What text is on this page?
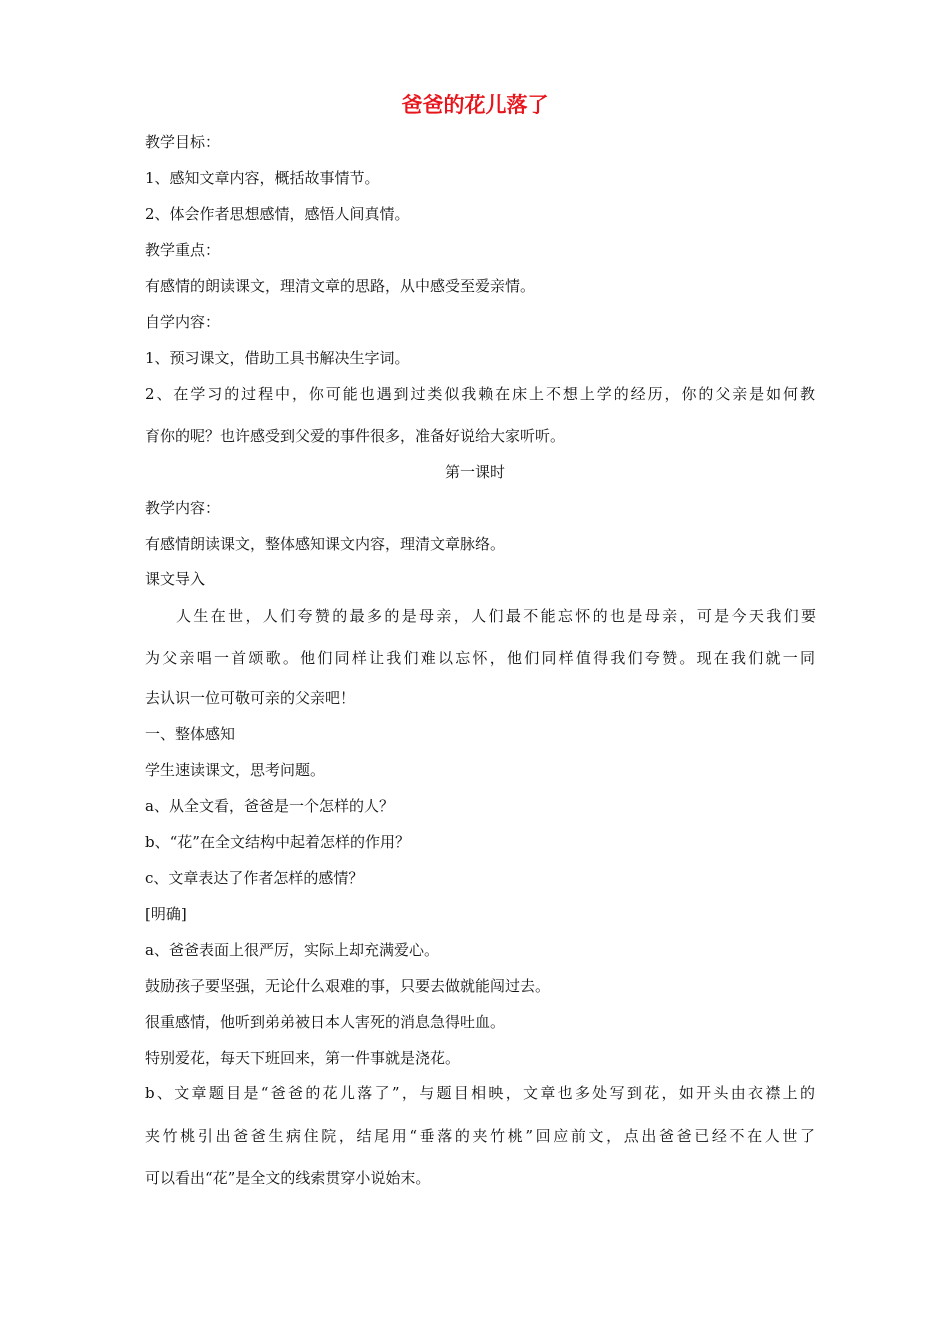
爸爸的花儿落了
教学目标：
1、感知文章内容，概括故事情节。
2、体会作者思想感情，感悟人间真情。
教学重点：
有感情的朗读课文，理清文章的思路，从中感受至爱亲情。
自学内容：
1、预习课文，借助工具书解决生字词。
2、在学习的过程中，你可能也遇到过类似我赖在床上不想上学的经历，你的父亲是如何教
育你的呢？也许感受到父爱的事件很多，准备好说给大家听听。
第一课时
教学内容：
有感情朗读课文，整体感知课文内容，理清文章脉络。
课文导入
人生在世，人们夸赞的最多的是母亲，人们最不能忘怀的也是母亲，可是今天我们要
为父亲唱一首颂歌。他们同样让我们难以忘怀，他们同样值得我们夸赞。现在我们就一同
去认识一位可敬可亲的父亲吧！
一、整体感知
学生速读课文，思考问题。
a、从全文看，爸爸是一个怎样的人？
b、“花”在全文结构中起着怎样的作用？
c、文章表达了作者怎样的感情？
[明确]
a、爸爸表面上很严厉，实际上却充满爱心。
鼓励孩子要坚强，无论什么艰难的事，只要去做就能闯过去。
很重感情，他听到弟弟被日本人害死的消息急得吐血。
特别爱花，每天下班回来，第一件事就是浇花。
b、文章题目是“爸爸的花儿落了”，与题目相映，文章也多处写到花，如开头由衣襟上的
夹竹桃引出爸爸生病住院，结尾用“垂落的夹竹桃”回应前文，点出爸爸已经不在人世了
可以看出“花”是全文的线索贯穿小说始末。
